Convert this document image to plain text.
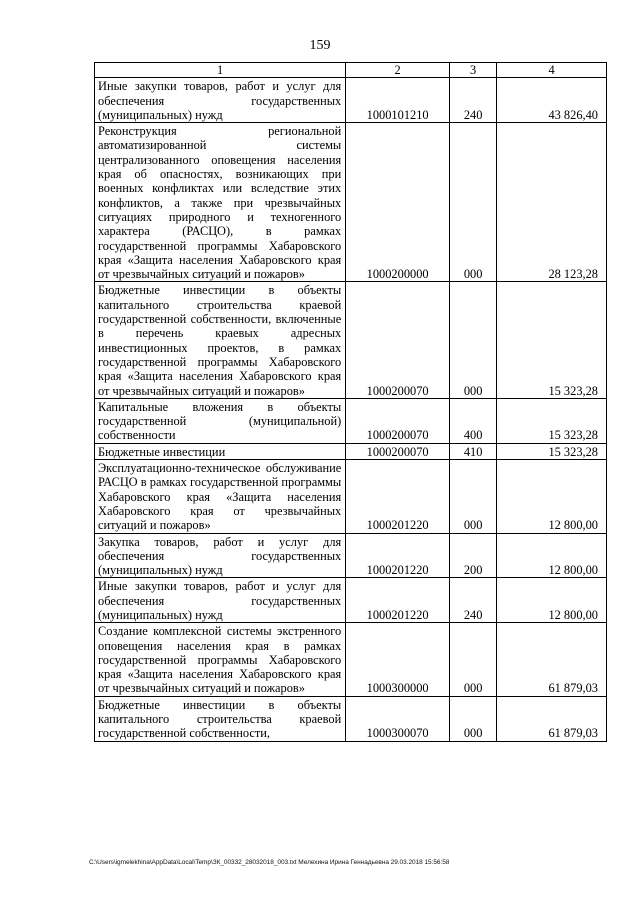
159
1	2	3	4
Иные закупки товаров, работ и услуг для обеспечения государственных (муниципальных) нужд	1000101210	240	43 826,40
Реконструкция региональной автоматизированной системы централизованного оповещения населения края об опасностях, возникающих при военных конфликтах или вследствие этих конфликтов, а также при чрезвычайных ситуациях природного и техногенного характера (РАСЦО), в рамках государственной программы Хабаровского края «Защита населения Хабаровского края от чрезвычайных ситуаций и пожаров»	1000200000	000	28 123,28
Бюджетные инвестиции в объекты капитального строительства краевой государственной собственности, включенные в перечень краевых адресных инвестиционных проектов, в рамках государственной программы Хабаровского края «Защита населения Хабаровского края от чрезвычайных ситуаций и пожаров»	1000200070	000	15 323,28
Капитальные вложения в объекты государственной (муниципальной) собственности	1000200070	400	15 323,28
Бюджетные инвестиции	1000200070	410	15 323,28
Эксплуатационно-техническое обслуживание РАСЦО в рамках государственной программы Хабаровского края «Защита населения Хабаровского края от чрезвычайных ситуаций и пожаров»	1000201220	000	12 800,00
Закупка товаров, работ и услуг для обеспечения государственных (муниципальных) нужд	1000201220	200	12 800,00
Иные закупки товаров, работ и услуг для обеспечения государственных (муниципальных) нужд	1000201220	240	12 800,00
Создание комплексной системы экстренного оповещения населения края в рамках государственной программы Хабаровского края «Защита населения Хабаровского края от чрезвычайных ситуаций и пожаров»	1000300000	000	61 879,03
Бюджетные инвестиции в объекты капитального строительства краевой государственной собственности,	1000300070	000	61 879,03
C:\Users\igmelekhina\AppData\Local\Temp\ЗК_00332_28032018_003.txt Мелехина Ирина Геннадьевна 29.03.2018 15:56:58
